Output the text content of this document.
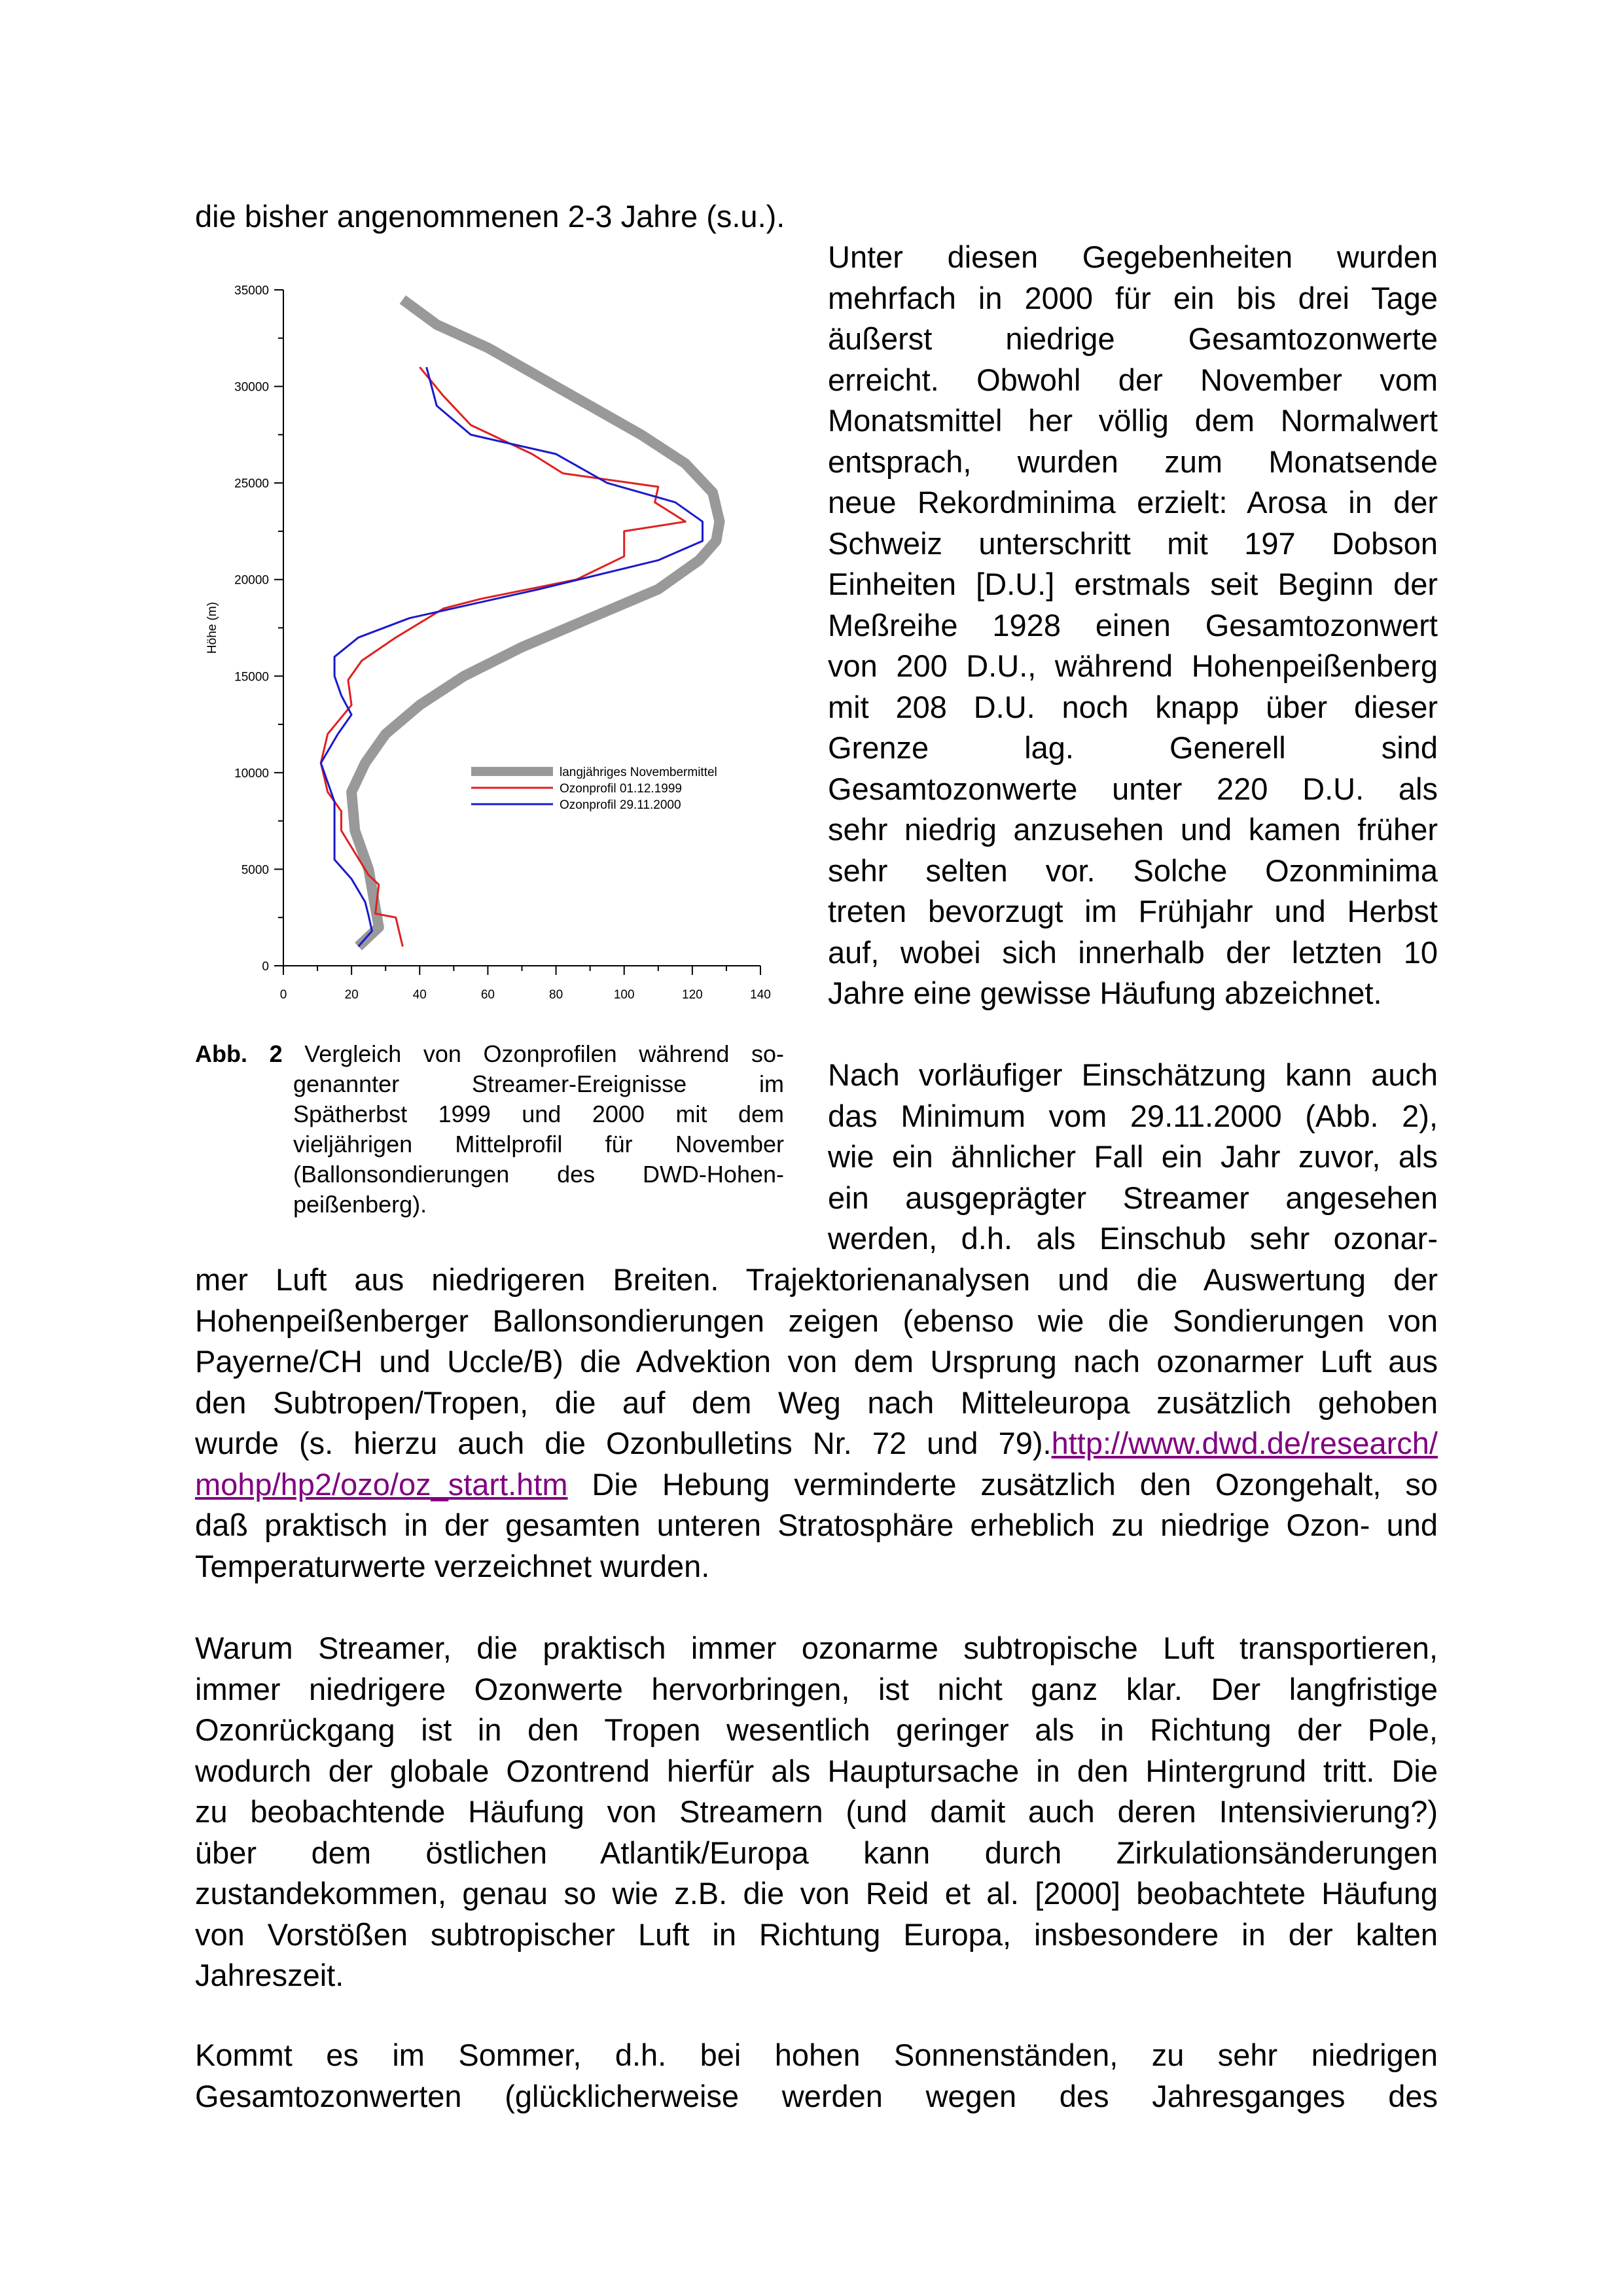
die bisher angenommenen 2-3 Jahre (s.u.).
0
5000
10000
15000
20000
25000
30000
35000
0	20	40	60	80	100	120	140
Höhe (m)
langjähriges Novembermittel
Ozonprofil 01.12.1999
Ozonprofil 29.11.2000
Abb. 2 Vergleich von Ozonprofilen während so-
genannter Streamer-Ereignisse im
Spätherbst 1999 und 2000 mit dem
vieljährigen Mittelprofil für November
(Ballonsondierungen des DWD-Hohen-
peißenberg).
Unter diesen Gegebenheiten wurden
mehrfach in 2000 für ein bis drei Tage
äußerst niedrige Gesamtozonwerte
erreicht. Obwohl der November vom
Monatsmittel her völlig dem Normalwert
entsprach, wurden zum Monatsende
neue Rekordminima erzielt: Arosa in der
Schweiz unterschritt mit 197 Dobson
Einheiten [D.U.] erstmals seit Beginn der
Meßreihe 1928 einen Gesamtozonwert
von 200 D.U., während Hohenpeißenberg
mit 208 D.U. noch knapp über dieser
Grenze lag. Generell sind
Gesamtozonwerte unter 220 D.U. als
sehr niedrig anzusehen und kamen früher
sehr selten vor. Solche Ozonminima
treten bevorzugt im Frühjahr und Herbst
auf, wobei sich innerhalb der letzten 10
Jahre eine gewisse Häufung abzeichnet.
Nach vorläufiger Einschätzung kann auch
das Minimum vom 29.11.2000 (Abb. 2),
wie ein ähnlicher Fall ein Jahr zuvor, als
ein ausgeprägter Streamer angesehen
werden, d.h. als Einschub sehr ozonar-
mer Luft aus niedrigeren Breiten. Trajektorienanalysen und die Auswertung der
Hohenpeißenberger Ballonsondierungen zeigen (ebenso wie die Sondierungen von
Payerne/CH und Uccle/B) die Advektion von dem Ursprung nach ozonarmer Luft aus
den Subtropen/Tropen, die auf dem Weg nach Mitteleuropa zusätzlich gehoben
wurde (s. hierzu auch die Ozonbulletins Nr. 72 und 79).http://www.dwd.de/research/
mohp/hp2/ozo/oz_start.htm Die Hebung verminderte zusätzlich den Ozongehalt, so
daß praktisch in der gesamten unteren Stratosphäre erheblich zu niedrige Ozon- und
Temperaturwerte verzeichnet wurden.
Warum Streamer, die praktisch immer ozonarme subtropische Luft transportieren,
immer niedrigere Ozonwerte hervorbringen, ist nicht ganz klar. Der langfristige
Ozonrückgang ist in den Tropen wesentlich geringer als in Richtung der Pole,
wodurch der globale Ozontrend hierfür als Hauptursache in den Hintergrund tritt. Die
zu beobachtende Häufung von Streamern (und damit auch deren Intensivierung?)
über dem östlichen Atlantik/Europa kann durch Zirkulationsänderungen
zustandekommen, genau so wie z.B. die von Reid et al. [2000] beobachtete Häufung
von Vorstößen subtropischer Luft in Richtung Europa, insbesondere in der kalten
Jahreszeit.
Kommt es im Sommer, d.h. bei hohen Sonnenständen, zu sehr niedrigen
Gesamtozonwerten (glücklicherweise werden wegen des Jahresganges des
